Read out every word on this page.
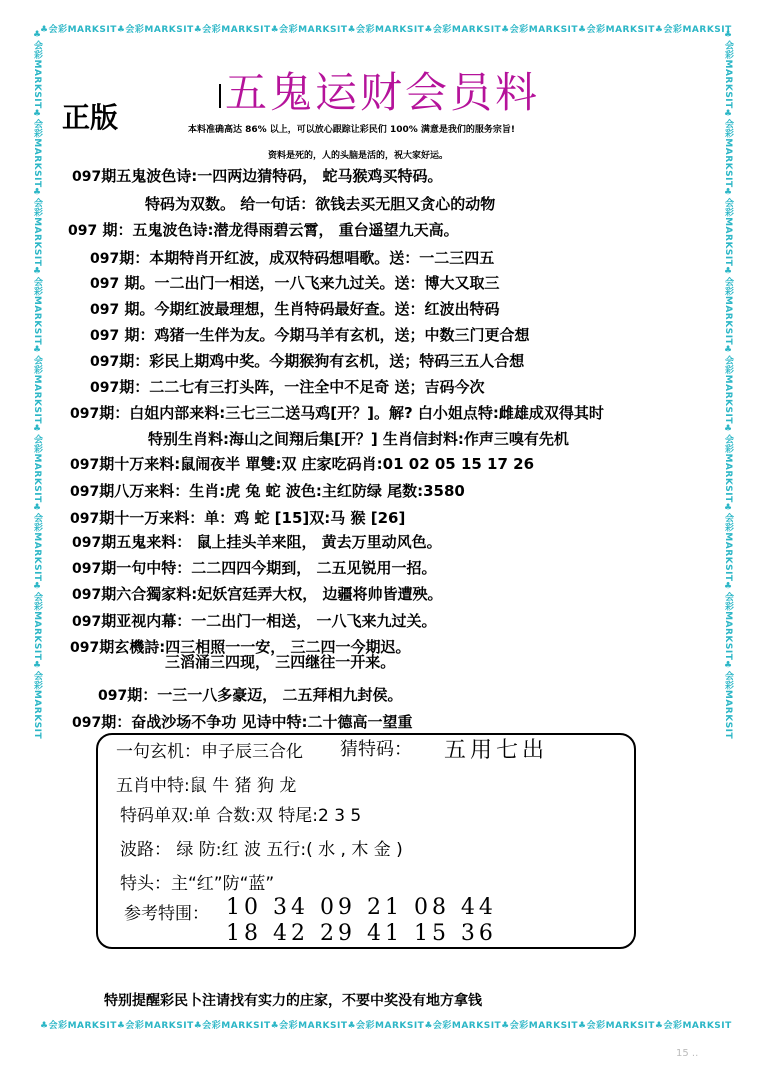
♣会彩MARKSIT♣会彩MARKSIT♣会彩MARKSIT♣会彩MARKSIT♣会彩MARKSIT♣会彩MARKSIT♣会彩MARKSIT♣会彩MARKSIT♣会彩MARKSIT
♣会彩MARKSIT♣会彩MARKSIT♣会彩MARKSIT♣会彩MARKSIT♣会彩MARKSIT♣会彩MARKSIT♣会彩MARKSIT♣会彩MARKSIT♣会彩MARKSIT
♣会彩MARKSIT♣会彩MARKSIT♣会彩MARKSIT♣会彩MARKSIT♣会彩MARKSIT♣会彩MARKSIT♣会彩MARKSIT♣会彩MARKSIT♣会彩MARKSIT	♣会彩MARKSIT♣会彩MARKSIT♣会彩MARKSIT♣会彩MARKSIT♣会彩MARKSIT♣会彩MARKSIT♣会彩MARKSIT♣会彩MARKSIT♣会彩MARKSIT
五鬼运财会员料
正版	本料准确高达 86% 以上，可以放心跟踪让彩民们 100% 满意是我们的服务宗旨!
资料是死的，人的头脑是活的，祝大家好运。
097期五鬼波色诗:一四两边猜特码， 蛇马猴鸡买特码。
特码为双数。 给一句话：欲钱去买无胆又贪心的动物
097 期：五鬼波色诗:潜龙得雨碧云霄， 重台遥望九天高。
097期：本期特肖开红波，成双特码想唱歌。送：一二三四五
097 期。一二出门一相送，一八飞来九过关。送：博大又取三
097 期。今期红波最理想，生肖特码最好查。送：红波出特码
097 期：鸡猪一生伴为友。今期马羊有玄机，送；中数三门更合想
097期：彩民上期鸡中奖。今期猴狗有玄机，送；特码三五人合想
097期：二二七有三打头阵，一注全中不足奇 送；吉码今次
097期：白姐内部来料:三七三二送马鸡[开？]。解? 白小姐点特:雌雄成双得其时
特别生肖料:海山之间翔后集[开？] 生肖信封料:作声三嗅有先机
097期十万来料:鼠闹夜半 單雙:双 庄家吃码肖:01 02 05 15 17 26
097期八万来料：生肖:虎 兔 蛇 波色:主红防绿 尾数:3580
097期十一万来料：单：鸡 蛇 [15]双:马 猴 [26]
097期五鬼来料： 鼠上挂头羊来阻， 黄去万里动风色。
097期一句中特：二二四四今期到， 二五见锐用一招。
097期六合獨家料:妃妖宫廷弄大权， 边疆将帅皆遭殃。
097期亚视内幕：一二出门一相送， 一八飞来九过关。
097期玄機詩:四三相照一一安， 三二四一今期迟。
三滔涌三四现， 三四继往一开来。
097期：一三一八多豪迈， 二五拜相九封侯。
097期：奋战沙场不争功 见诗中特:二十德高一望重
一句玄机：申子辰三合化 猜特码： 五用七出
五肖中特:鼠 牛 猪 狗 龙
特码单双:单 合数:双 特尾:2 3 5
波路： 绿 防:红 波 五行:( 水 , 木 金 )
特头：主“红”防“蓝”
参考特围： 10 34 09 21 08 44
18 42 29 41 15 36
特别提醒彩民卜注请找有实力的庄家，不要中奖没有地方拿钱
15 ..
